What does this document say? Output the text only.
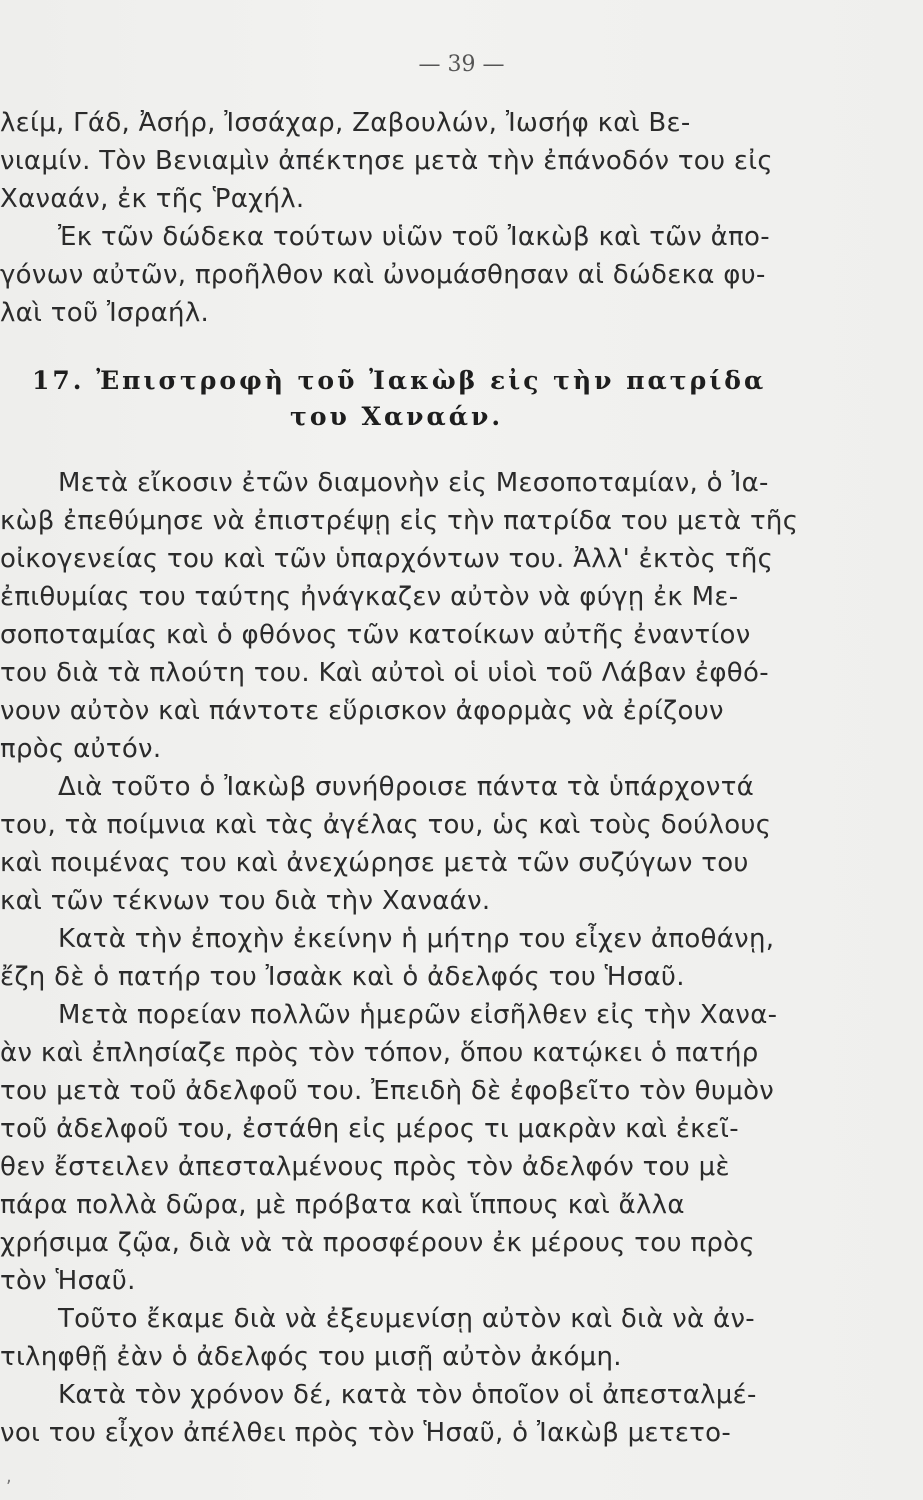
— 39 —
λείμ, Γάδ, Ἀσήρ, Ἰσσάχαρ, Ζαβουλών, Ἰωσήφ καὶ Βε-
νιαμίν. Τὸν Βενιαμὶν ἀπέκτησε μετὰ τὴν ἐπάνοδόν του εἰς
Χαναάν, ἐκ τῆς Ῥαχήλ.
Ἐκ τῶν δώδεκα τούτων υἱῶν τοῦ Ἰακὼβ καὶ τῶν ἀπο-
γόνων αὐτῶν, προῆλθον καὶ ὠνομάσθησαν αἱ δώδεκα φυ-
λαὶ τοῦ Ἰσραήλ.
17. Ἐπιστροφὴ τοῦ Ἰακὼβ εἰς τὴν πατρίδα
του Χαναάν.
Μετὰ εἴκοσιν ἐτῶν διαμονὴν εἰς Μεσοποταμίαν, ὁ Ἰα-
κὼβ ἐπεθύμησε νὰ ἐπιστρέψῃ εἰς τὴν πατρίδα του μετὰ τῆς
οἰκογενείας του καὶ τῶν ὑπαρχόντων του. Ἀλλ' ἐκτὸς τῆς
ἐπιθυμίας του ταύτης ἠνάγκαζεν αὐτὸν νὰ φύγῃ ἐκ Με-
σοποταμίας καὶ ὁ φθόνος τῶν κατοίκων αὐτῆς ἐναντίον
του διὰ τὰ πλούτη του. Καὶ αὐτοὶ οἱ υἱοὶ τοῦ Λάβαν ἐφθό-
νουν αὐτὸν καὶ πάντοτε εὕρισκον ἀφορμὰς νὰ ἐρίζουν
πρὸς αὐτόν.
Διὰ τοῦτο ὁ Ἰακὼβ συνήθροισε πάντα τὰ ὑπάρχοντά
του, τὰ ποίμνια καὶ τὰς ἀγέλας του, ὡς καὶ τοὺς δούλους
καὶ ποιμένας του καὶ ἀνεχώρησε μετὰ τῶν συζύγων του
καὶ τῶν τέκνων του διὰ τὴν Χαναάν.
Κατὰ τὴν ἐποχὴν ἐκείνην ἡ μήτηρ του εἶχεν ἀποθάνῃ,
ἔζη δὲ ὁ πατήρ του Ἰσαὰκ καὶ ὁ ἀδελφός του Ἡσαῦ.
Μετὰ πορείαν πολλῶν ἡμερῶν εἰσῆλθεν εἰς τὴν Χανα-
ὰν καὶ ἐπλησίαζε πρὸς τὸν τόπον, ὅπου κατῴκει ὁ πατήρ
του μετὰ τοῦ ἀδελφοῦ του. Ἐπειδὴ δὲ ἐφοβεῖτο τὸν θυμὸν
τοῦ ἀδελφοῦ του, ἐστάθη εἰς μέρος τι μακρὰν καὶ ἐκεῖ-
θεν ἔστειλεν ἀπεσταλμένους πρὸς τὸν ἀδελφόν του μὲ
πάρα πολλὰ δῶρα, μὲ πρόβατα καὶ ἵππους καὶ ἄλλα
χρήσιμα ζῷα, διὰ νὰ τὰ προσφέρουν ἐκ μέρους του πρὸς
τὸν Ἡσαῦ.
Τοῦτο ἔκαμε διὰ νὰ ἐξευμενίσῃ αὐτὸν καὶ διὰ νὰ ἀν-
τιληφθῇ ἐὰν ὁ ἀδελφός του μισῇ αὐτὸν ἀκόμη.
Κατὰ τὸν χρόνον δέ, κατὰ τὸν ὁποῖον οἱ ἀπεσταλμέ-
νοι του εἶχον ἀπέλθει πρὸς τὸν Ἡσαῦ, ὁ Ἰακὼβ μετετο-
,
